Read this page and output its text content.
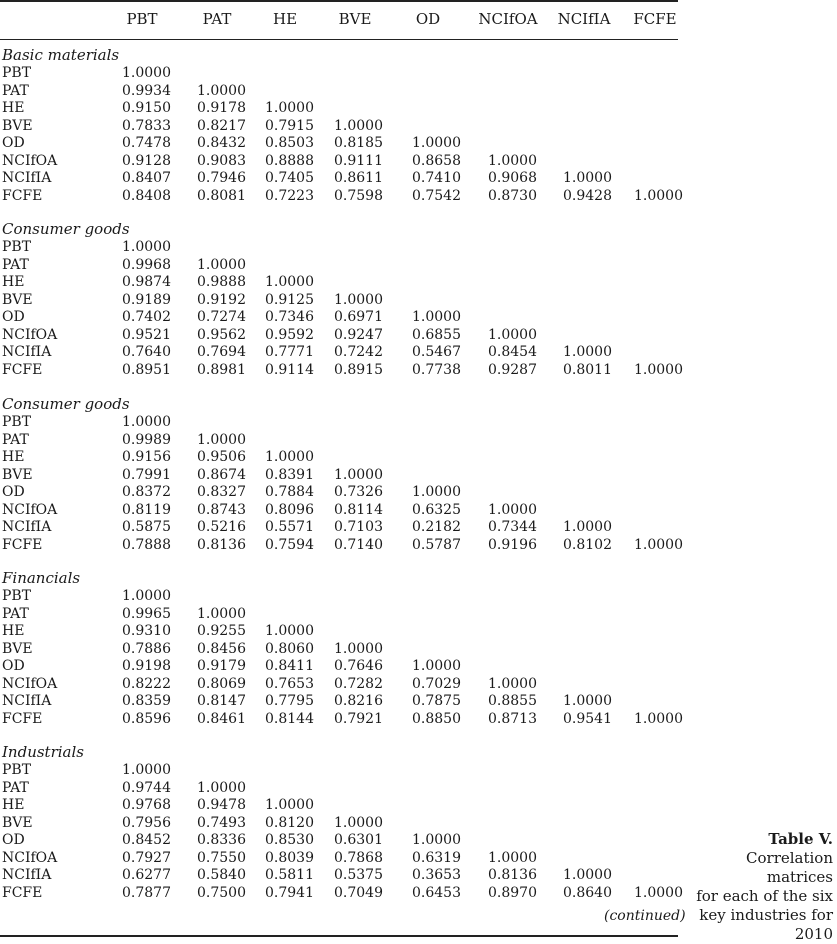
PBT	PAT	HE	BVE	OD	NCIfOA	NCIfIA	FCFE
Basic materials
PBT	1.0000
PAT	0.9934	1.0000
HE	0.9150	0.9178	1.0000
BVE	0.7833	0.8217	0.7915	1.0000
OD	0.7478	0.8432	0.8503	0.8185	1.0000
NCIfOA	0.9128	0.9083	0.8888	0.9111	0.8658	1.0000
NCIfIA	0.8407	0.7946	0.7405	0.8611	0.7410	0.9068	1.0000
FCFE	0.8408	0.8081	0.7223	0.7598	0.7542	0.8730	0.9428	1.0000
Consumer goods
PBT	1.0000
PAT	0.9968	1.0000
HE	0.9874	0.9888	1.0000
BVE	0.9189	0.9192	0.9125	1.0000
OD	0.7402	0.7274	0.7346	0.6971	1.0000
NCIfOA	0.9521	0.9562	0.9592	0.9247	0.6855	1.0000
NCIfIA	0.7640	0.7694	0.7771	0.7242	0.5467	0.8454	1.0000
FCFE	0.8951	0.8981	0.9114	0.8915	0.7738	0.9287	0.8011	1.0000
Consumer goods
PBT	1.0000
PAT	0.9989	1.0000
HE	0.9156	0.9506	1.0000
BVE	0.7991	0.8674	0.8391	1.0000
OD	0.8372	0.8327	0.7884	0.7326	1.0000
NCIfOA	0.8119	0.8743	0.8096	0.8114	0.6325	1.0000
NCIfIA	0.5875	0.5216	0.5571	0.7103	0.2182	0.7344	1.0000
FCFE	0.7888	0.8136	0.7594	0.7140	0.5787	0.9196	0.8102	1.0000
Financials
PBT	1.0000
PAT	0.9965	1.0000
HE	0.9310	0.9255	1.0000
BVE	0.7886	0.8456	0.8060	1.0000
OD	0.9198	0.9179	0.8411	0.7646	1.0000
NCIfOA	0.8222	0.8069	0.7653	0.7282	0.7029	1.0000
NCIfIA	0.8359	0.8147	0.7795	0.8216	0.7875	0.8855	1.0000
FCFE	0.8596	0.8461	0.8144	0.7921	0.8850	0.8713	0.9541	1.0000
Industrials
PBT	1.0000
PAT	0.9744	1.0000
HE	0.9768	0.9478	1.0000
BVE	0.7956	0.7493	0.8120	1.0000
OD	0.8452	0.8336	0.8530	0.6301	1.0000
NCIfOA	0.7927	0.7550	0.8039	0.7868	0.6319	1.0000
NCIfIA	0.6277	0.5840	0.5811	0.5375	0.3653	0.8136	1.0000
FCFE	0.7877	0.7500	0.7941	0.7049	0.6453	0.8970	0.8640	1.0000
(continued)
Table V.
Correlation matrices
for each of the six
key industries for
2010
